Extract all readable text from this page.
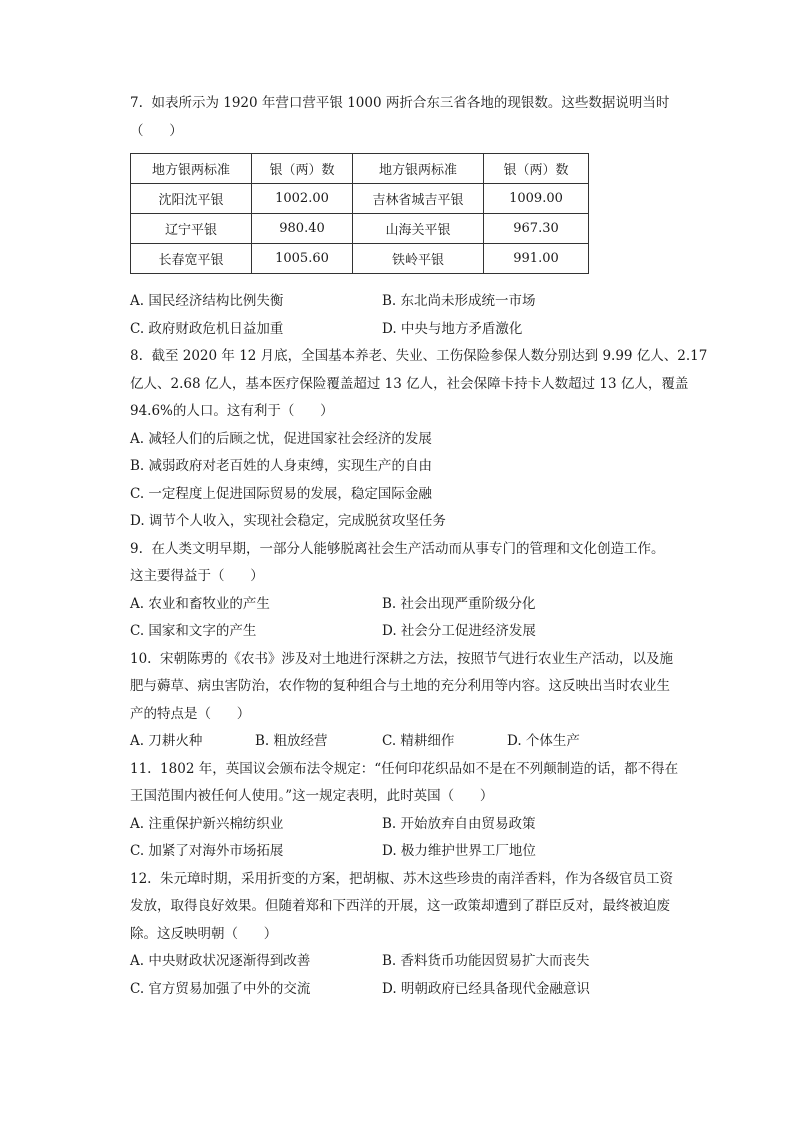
7.  如表所示为 1920 年营口营平银 1000 两折合东三省各地的现银数。这些数据说明当时
（      ）
地方银两标准	银（两）数	地方银两标准	银（两）数
沈阳沈平银	1002.00	吉林省城吉平银	1009.00
辽宁平银	980.40	山海关平银	967.30
长春宽平银	1005.60	铁岭平银	991.00
A. 国民经济结构比例失衡	B. 东北尚未形成统一市场
C. 政府财政危机日益加重	D. 中央与地方矛盾激化
8.  截至 2020 年 12 月底，全国基本养老、失业、工伤保险参保人数分别达到 9.99 亿人、2.17
亿人、2.68 亿人，基本医疗保险覆盖超过 13 亿人，社会保障卡持卡人数超过 13 亿人，覆盖
94.6%的人口。这有利于（      ）
A. 减轻人们的后顾之忧，促进国家社会经济的发展
B. 减弱政府对老百姓的人身束缚，实现生产的自由
C. 一定程度上促进国际贸易的发展，稳定国际金融
D. 调节个人收入，实现社会稳定，完成脱贫攻坚任务
9.  在人类文明早期，一部分人能够脱离社会生产活动而从事专门的管理和文化创造工作。
这主要得益于（      ）
A. 农业和畜牧业的产生	B. 社会出现严重阶级分化
C. 国家和文字的产生	D. 社会分工促进经济发展
10.  宋朝陈旉的《农书》涉及对土地进行深耕之方法，按照节气进行农业生产活动，以及施
肥与薅草、病虫害防治，农作物的复种组合与土地的充分利用等内容。这反映出当时农业生
产的特点是（      ）
A. 刀耕火种	B. 粗放经营	C. 精耕细作	D. 个体生产
11.  1802 年，英国议会颁布法令规定：“任何印花织品如不是在不列颠制造的话，都不得在
王国范围内被任何人使用。”这一规定表明，此时英国（      ）
A. 注重保护新兴棉纺织业	B. 开始放弃自由贸易政策
C. 加紧了对海外市场拓展	D. 极力维护世界工厂地位
12.  朱元璋时期，采用折变的方案，把胡椒、苏木这些珍贵的南洋香料，作为各级官员工资
发放，取得良好效果。但随着郑和下西洋的开展，这一政策却遭到了群臣反对，最终被迫废
除。这反映明朝（      ）
A. 中央财政状况逐渐得到改善	B. 香料货币功能因贸易扩大而丧失
C. 官方贸易加强了中外的交流	D. 明朝政府已经具备现代金融意识
